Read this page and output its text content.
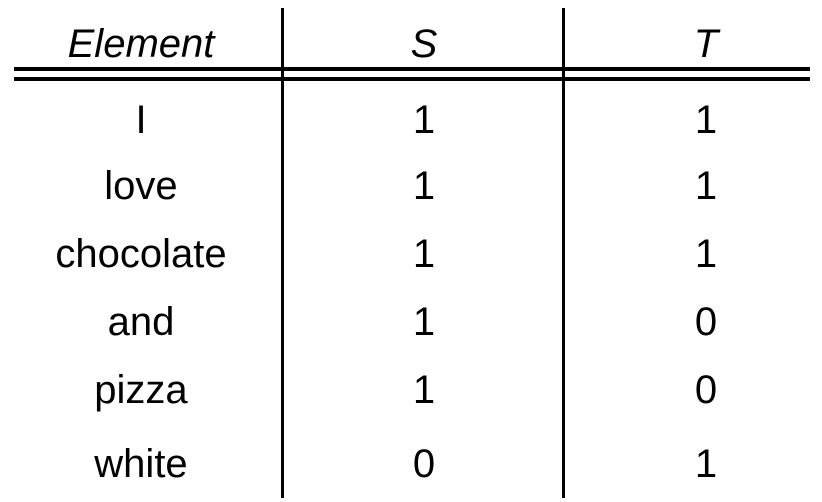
Element	S	T
I	1	1
love	1	1
chocolate	1	1
and	1	0
pizza	1	0
white	0	1
